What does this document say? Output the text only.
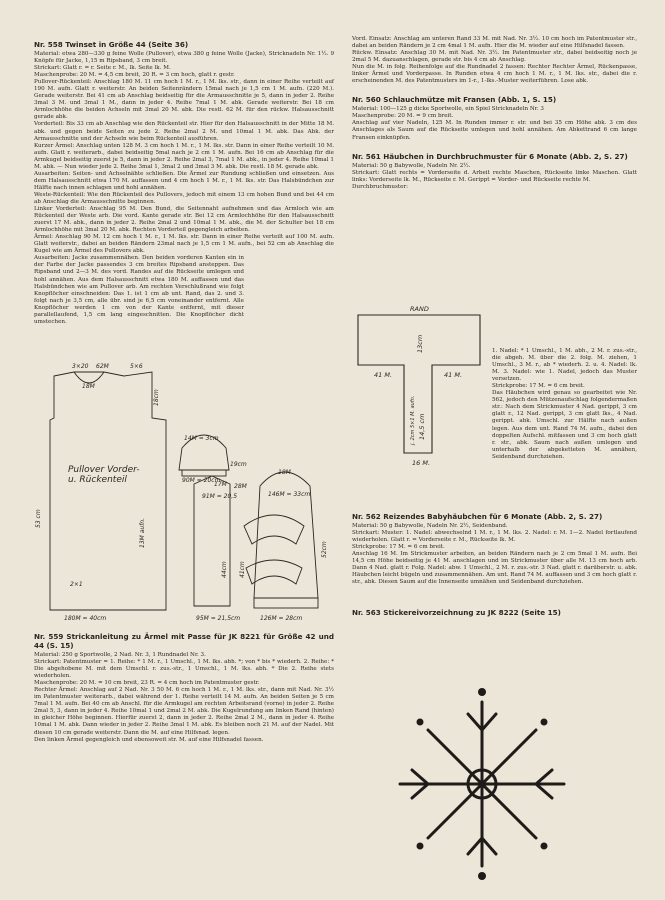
Nr. 558 Twinset in Größe 44 (Seite 36)

Material: etwa 280—330 g feine Wolle (Pullover), etwa 380 g feine Wolle (Jacke), Stricknadeln Nr. 1½. 9 Knöpfe für Jacke, 1,15 m Ripsband, 3 cm breit.

Strickart: Glatt r. = r. Seite r. M., lk. Seite lk. M.

Maschenprobe: 20 M. = 4,5 cm breit, 20 R. = 3 cm hoch, glatt r. gestr.

Pullover-Rückenteil: Anschlag 180 M. 11 cm hoch 1 M. r., 1 M. lks. str., dann in einer Reihe verteilt auf 190 M. aufn. Glatt r. weiterstr. An beiden Seitenrändern 15mal nach je 1,5 cm 1 M. aufn. (220 M.). Gerade weiterstr. Bei 41 cm ab Anschlag beidseitig für die Armausschnitte je 5, dann in jeder 2. Reihe 3mal 3 M. und 3mal 1 M., dann in jeder 4. Reihe 7mal 1 M. abk. Gerade weiterstr. Bei 18 cm Armlochhöhe die beiden Achseln mit 3mal 20 M. abk. Die restl. 62 M. für den rückw. Halsausschnitt gerade abk.

Vorderteil: Bis 33 cm ab Anschlag wie den Rückenteil str. Hier für den Halsausschnitt in der Mitte 18 M. abk. und gegen beide Seiten zu jede 2. Reihe 2mal 2 M. und 10mal 1 M. abk. Das Abk. der Armausschnitte und der Achseln wie beim Rückenteil ausführen.

Kurzer Ärmel: Anschlag unten 128 M. 3 cm hoch 1 M. r., 1 M. lks. str. Dann in einer Reihe verteilt 10 M. aufn. Glatt r. weiterarb., dabei beidseitig 5mal nach je 2 cm 1 M. aufn. Bei 16 cm ab Anschlag für die Armkugel beidseitig zuerst je 5, dann in jeder 2. Reihe 2mal 3, 7mal 1 M. abk., in jeder 4. Reihe 10mal 1 M. abk. — Nun wieder jede 2. Reihe 3mal 1, 3mal 2 und 3mal 3 M. abk. Die restl. 18 M. gerade abk.

Ausarbeiten: Seiten- und Achselnähte schließen. Die Ärmel zur Rundung schließen und einsetzen. Aus dem Halsausschnitt etwa 170 M. auffassen und 4 cm hoch 1 M. r., 1 M. lks. str. Das Halsbündchen zur Hälfte nach innen schlagen und hohl annähen.

Weste-Rückenteil: Wie den Rückenteil des Pullovers, jedoch mit einem 13 cm hohen Bund und bei 44 cm ab Anschlag die Armausschnitte beginnen.

Linker Vorderteil: Anschlag 95 M. Den Bund, die Seitennaht aufnehmen und das Armloch wie am Rückenteil der Weste arb. Die vord. Kante gerade str. Bei 12 cm Armlochhöhe für den Halsausschnitt zuerst 17 M. abk., dann in jeder 2. Reihe 2mal 2 und 10mal 1 M. abk., die M. der Schulter bei 18 cm Armlochhöhe mit 3mal 20 M. abk. Rechten Vorderteil gegengleich arbeiten.

Ärmel: Anschlag 90 M. 12 cm hoch 1 M. r., 1 M. lks. str. Dann in einer Reihe verteilt auf 100 M. aufn. Glatt weiterstr., dabei an beiden Rändern 23mal nach je 1,5 cm 1 M. aufn., bei 52 cm ab Anschlag die Kugel wie am Ärmel des Pullovers abk.

Ausarbeiten: Jacke zusammennähen. Den beiden vorderen Kanten ein in der Farbe der Jacke passendes 3 cm breites Ripsband ansteppen. Das Ripsband und 2—3 M. des vord. Randes auf die Rückseite umlegen und hohl annähen. Aus dem Halsausschnitt etwa 180 M. auffassen und das Halsbündchen wie am Pullover arb. Am rechten Verschlußrand wie folgt Knopflöcher einschneiden: Das 1. ist 1 cm ab unt. Rand, das 2. und 3. folgt nach je 3,5 cm, alle übr. sind je 6,5 cm voneinander entfernt. Alle Knopflöcher werden 1 cm von der Kante entfernt, mit dieser parallellaufend, 1,5 cm lang eingeschnitten. Die Knopflöcher dicht umstechen.

3×20 62M	5×6
18M
Pullover Vorder-
u. Rückenteil
2×1
180M = 40cm
53 cm	13M aufn.
18cm
14M = 3cm
90M = 20cm
19cm
91M = 20,5
17M 28M
95M = 21,5cm
44cm 41cm
146M = 33cm
18M
52cm
126M = 28cm
Nr. 559 Strickanleitung zu Ärmel mit Passe für JK 8221 für Größe 42 und 44 (S. 15)

Material: 250 g Sportwolle, 2 Nad. Nr. 3, 1 Rundnadel Nr. 3.

Strickart: Patentmuster = 1. Reihe: * 1 M. r., 1 Umschl., 1 M. lks. abh. *; von * bis * wiederh. 2. Reihe: * Die abgehobene M. mit dem Umschl. r. zus.-str., 1 Umschl., 1 M. lks. abh. * Die 2. Reihe stets wiederholen.

Maschenprobe: 20 M. = 10 cm breit, 23 R. = 4 cm hoch im Patentmuster gestr.

Rechter Ärmel: Anschlag auf 2 Nad. Nr. 3 50 M. 6 cm hoch 1 M. r., 1 M. lks. str., dann mit Nad. Nr. 3½ im Patentmuster weiterarb., dabei während der 1. Reihe verteilt 14 M. aufn. An beiden Seiten je 5 cm 7mal 1 M. aufn. Bei 40 cm ab Anschl. für die Armkugel am rechten Arbeitsrand (vorne) in jeder 2. Reihe 2mal 5, 3, dann in jeder 4. Reihe 10mal 1 und 2mal 2 M. abk. Die Kugelrundung am linken Rand (hinten) in gleicher Höhe beginnen. Hierfür zuerst 2, dann in jeder 2. Reihe 2mal 2 M., dann in jeder 4. Reihe 10mal 1 M. abk. Dann wieder in jeder 2. Reihe 3mal 1 M. abk. Es bleiben noch 21 M. auf der Nadel. Mit diesen 10 cm gerade weiterstr. Dann die M. auf eine Hilfsnad. legen.

Den linken Ärmel gegengleich und ebensoweit str. M. auf eine Hilfsnadel fassen.

Vord. Einsatz: Anschlag am unteren Rand 33 M. mit Nad. Nr. 3½. 10 cm hoch im Patentmuster str., dabei an beiden Rändern je 2 cm 4mal 1 M. aufn. Hier die M. wieder auf eine Hilfsnadel fassen.

Rückw. Einsatz: Anschlag 30 M. mit Nad. Nr. 3½. Im Patentmuster str., dabei beidseitig noch je 2mal 5 M. dazuanschlagen, gerade str. bis 4 cm ab Anschlag.

Nun die M. in folg. Reihenfolge auf die Rundnadel 2 fassen: Rechter Rechter Ärmel, Rückenpasse, linker Ärmel und Vorderpasse. In Runden etwa 4 cm hoch 1 M. r., 1 M. lks. str., dabei die r. erscheinenden M. des Patentmusters im 1-r., 1-lks.-Muster weiterführen. Lose abk.

Nr. 560 Schlauchmütze mit Fransen (Abb. 1, S. 15)

Material: 100—125 g dicke Sportwolle, ein Spiel Stricknadeln Nr. 3

Maschenprobe: 20 M. = 9 cm breit.

Anschlag auf vier Nadeln, 125 M. In Runden immer r. str. und bei 35 cm Höhe abk. 3 cm des Anschlages als Saum auf die Rückseite umlegen und hohl annähen. Am Abkettrand 6 cm lange Fransen einknüpfen.

Nr. 561 Häubchen in Durchbruchmuster für 6 Monate (Abb. 2, S. 27)

Material: 50 g Babywolle, Nadeln Nr. 2½.

Strickart: Glatt rechts = Vorderseite d. Arbeit rechte Maschen, Rückseite linke Maschen. Glatt links: Vorderseite lk. M., Rückseite r. M. Gerippt = Vorder- und Rückseite rechte M.

Durchbruchmuster:

RAND
41 M.	41 M.
16 M.
13cm
14,5 cm
j. 2cm 5×1 M. aufn.

1. Nadel: * 1 Umschl., 1 M. abh., 2 M. r. zus.-str., die abgeh. M. über die 2. folg. M. ziehen, 1 Umschl., 3 M. r., ab * wiederh. 2. u. 4. Nadel: lk. M. 3. Nadel: wie 1. Nadel, jedoch das Muster versetzen.

Strickprobe: 17 M. = 6 cm breit.

Das Häubchen wird genau so gearbeitet wie Nr. 562, jedoch den Mützenaufschlag folgendermaßen str.: Nach dem Strickmuster 4 Nad. gerippt, 3 cm glatt r., 12 Nad. gerippt, 3 cm glatt lks., 4 Nad. gerippt. abk. Umschl. zur Hälfte nach außen legen. Aus dem unt. Rand 74 M. aufn., dabei den doppelten Aufschl. mitfassen und 3 cm hoch glatt r. str., abk. Saum nach außen umlegen und unterhalb der abgeketteten M. annähen, Seidenband durchziehen.

Nr. 562 Reizendes Babyhäubchen für 6 Monate (Abb. 2, S. 27)

Material: 50 g Babywolle, Nadeln Nr. 2½, Seidenband.

Strickart: Muster: 1. Nadel: abwechselnd 1 M. r., 1 M. lks. 2. Nadel: r. M. 1—2. Nadel fortlaufend wiederholen. Glatt r. = Vorderseite r. M., Rückseite lk. M.

Strickprobe: 17 M. = 6 cm breit.

Anschlag 16 M. Im Strickmuster arbeiten, an beiden Rändern nach je 2 cm 5mal 1 M. aufn. Bei 14,5 cm Höhe beidseitig je 41 M. anschlagen und im Strickmuster über alle M. 13 cm hoch arb. Dann 4 Nad. glatt r. Folg. Nadel: abw. 1 Umschl., 2 M. r. zus.-str. 3 Nad. glatt r. darüberstr. u. abk. Häubchen leicht bügeln und zusammennähen. Am unt. Rand 74 M. auffassen und 3 cm hoch glatt r. str., abk. Diesen Saum auf die Innenseite umnähen und Seidenband durchziehen.

Nr. 563 Stickereivorzeichnung zu JK 8222 (Seite 15)
